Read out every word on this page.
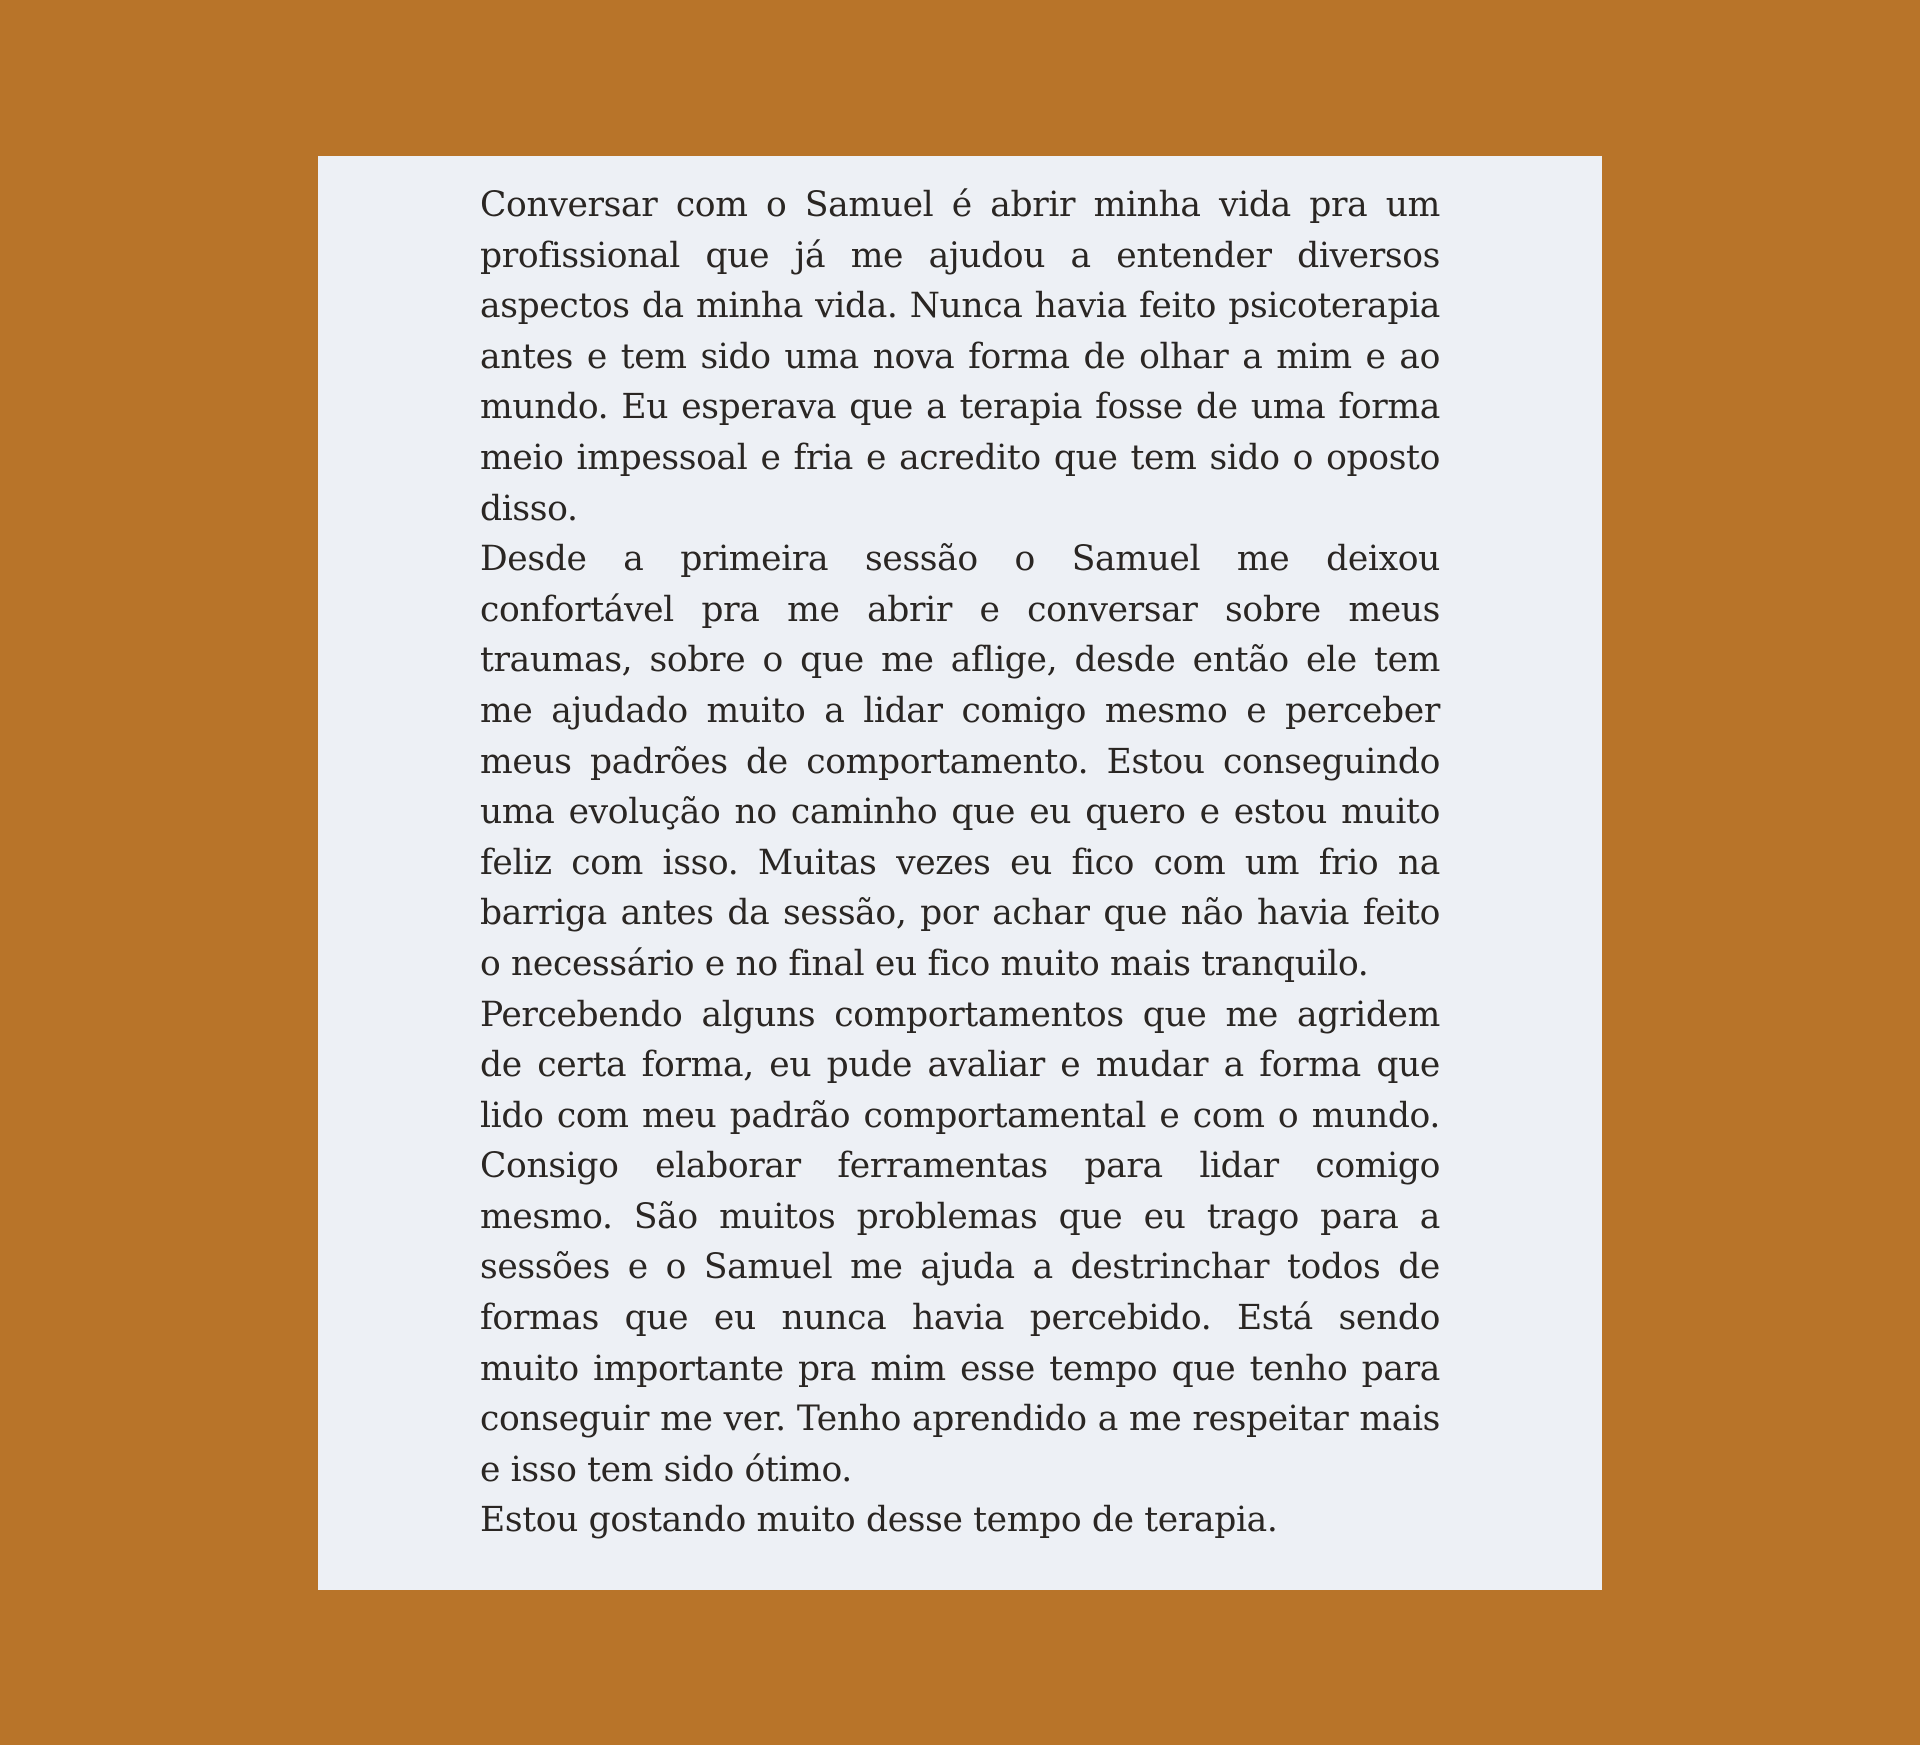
Conversar com o Samuel é abrir minha vida pra um profissional que já me ajudou a entender diversos aspectos da minha vida. Nunca havia feito psicoterapia antes e tem sido uma nova forma de olhar a mim e ao mundo. Eu esperava que a terapia fosse de uma forma meio impessoal e fria e acredito que tem sido o oposto disso.

Desde a primeira sessão o Samuel me deixou confortável pra me abrir e conversar sobre meus traumas, sobre o que me aflige, desde então ele tem me ajudado muito a lidar comigo mesmo e perceber meus padrões de comportamento. Estou conseguindo uma evolução no caminho que eu quero e estou muito feliz com isso. Muitas vezes eu fico com um frio na barriga antes da sessão, por achar que não havia feito o necessário e no final eu fico muito mais tranquilo.

Percebendo alguns comportamentos que me agridem de certa forma, eu pude avaliar e mudar a forma que lido com meu padrão comportamental e com o mundo. Consigo elaborar ferramentas para lidar comigo mesmo. São muitos problemas que eu trago para a sessões e o Samuel me ajuda a destrinchar todos de formas que eu nunca havia percebido. Está sendo muito importante pra mim esse tempo que tenho para conseguir me ver. Tenho aprendido a me respeitar mais e isso tem sido ótimo.

Estou gostando muito desse tempo de terapia.
